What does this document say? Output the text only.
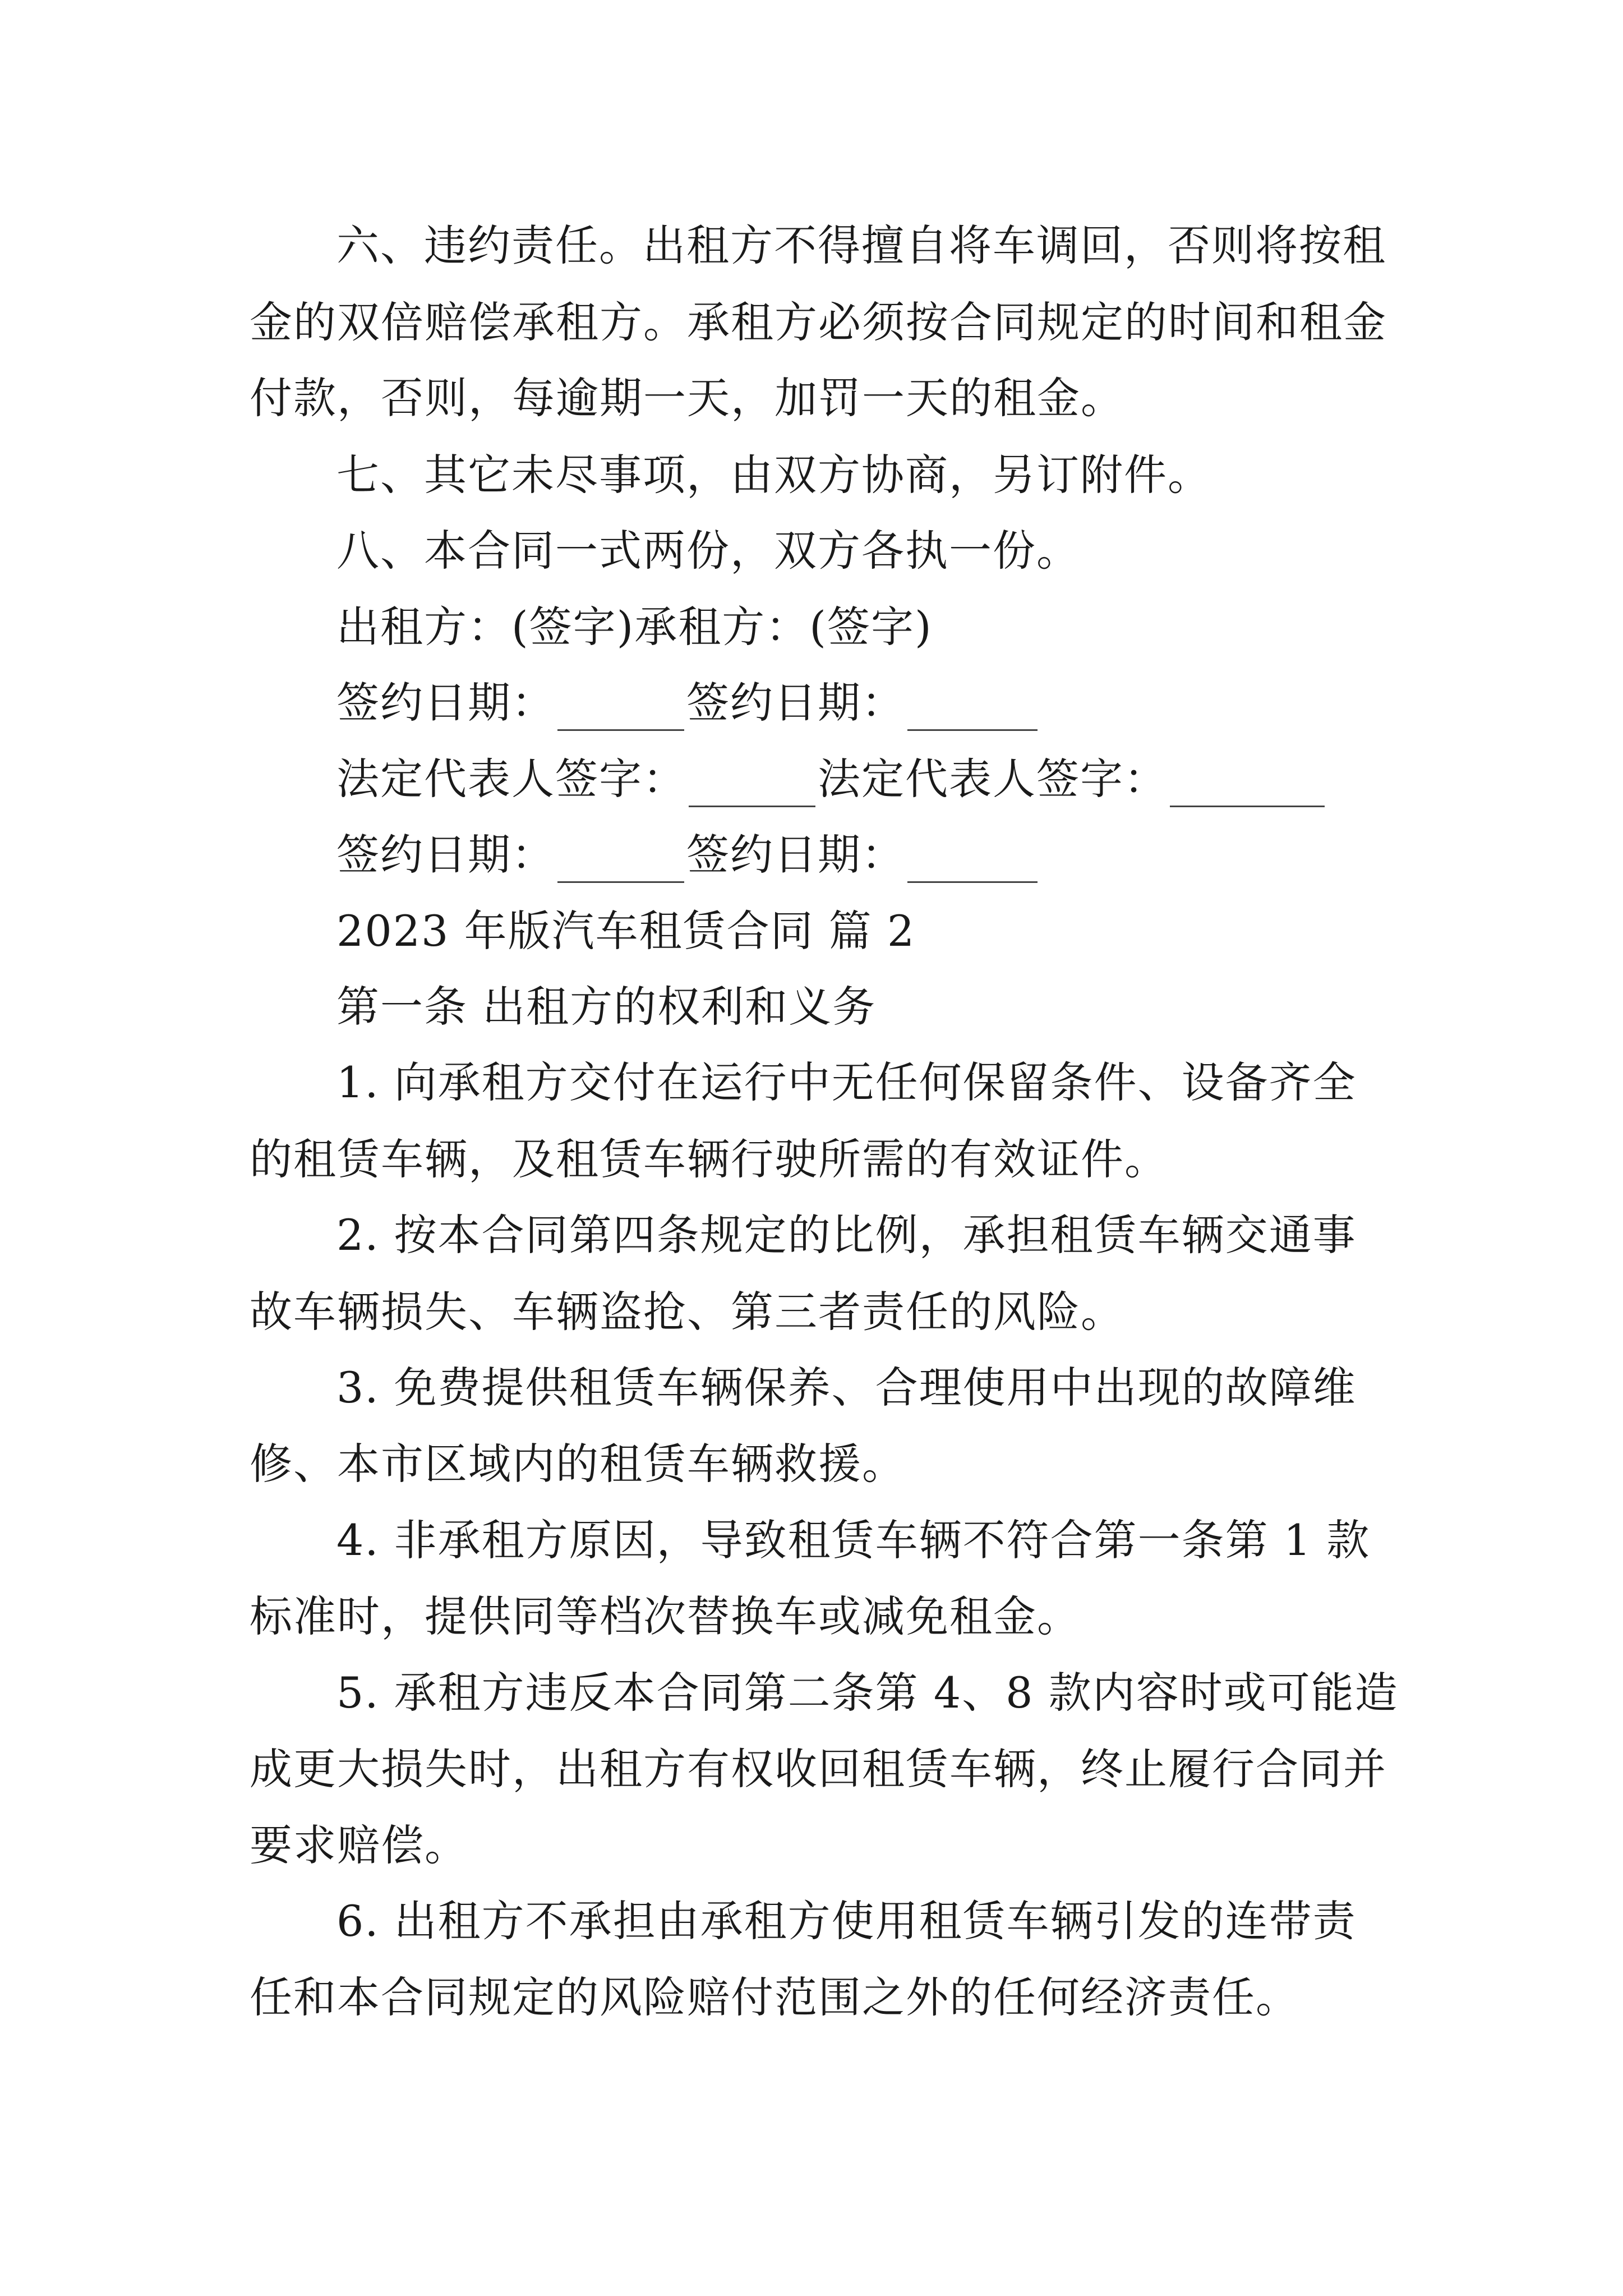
六、违约责任。出租方不得擅自将车调回，否则将按租
金的双倍赔偿承租方。承租方必须按合同规定的时间和租金
付款，否则，每逾期一天，加罚一天的租金。
七、其它未尽事项，由双方协商，另订附件。
八、本合同一式两份，双方各执一份。
出租方：(签字)承租方：(签字)
签约日期：	签约日期：
法定代表人签字：	法定代表人签字：
签约日期：	签约日期：
2023 年版汽车租赁合同 篇 2
第一条 出租方的权利和义务
1. 向承租方交付在运行中无任何保留条件、设备齐全
的租赁车辆，及租赁车辆行驶所需的有效证件。
2. 按本合同第四条规定的比例，承担租赁车辆交通事
故车辆损失、车辆盗抢、第三者责任的风险。
3. 免费提供租赁车辆保养、合理使用中出现的故障维
修、本市区域内的租赁车辆救援。
4. 非承租方原因，导致租赁车辆不符合第一条第 1 款
标准时，提供同等档次替换车或减免租金。
5. 承租方违反本合同第二条第 4、8 款内容时或可能造
成更大损失时，出租方有权收回租赁车辆，终止履行合同并
要求赔偿。
6. 出租方不承担由承租方使用租赁车辆引发的连带责
任和本合同规定的风险赔付范围之外的任何经济责任。
